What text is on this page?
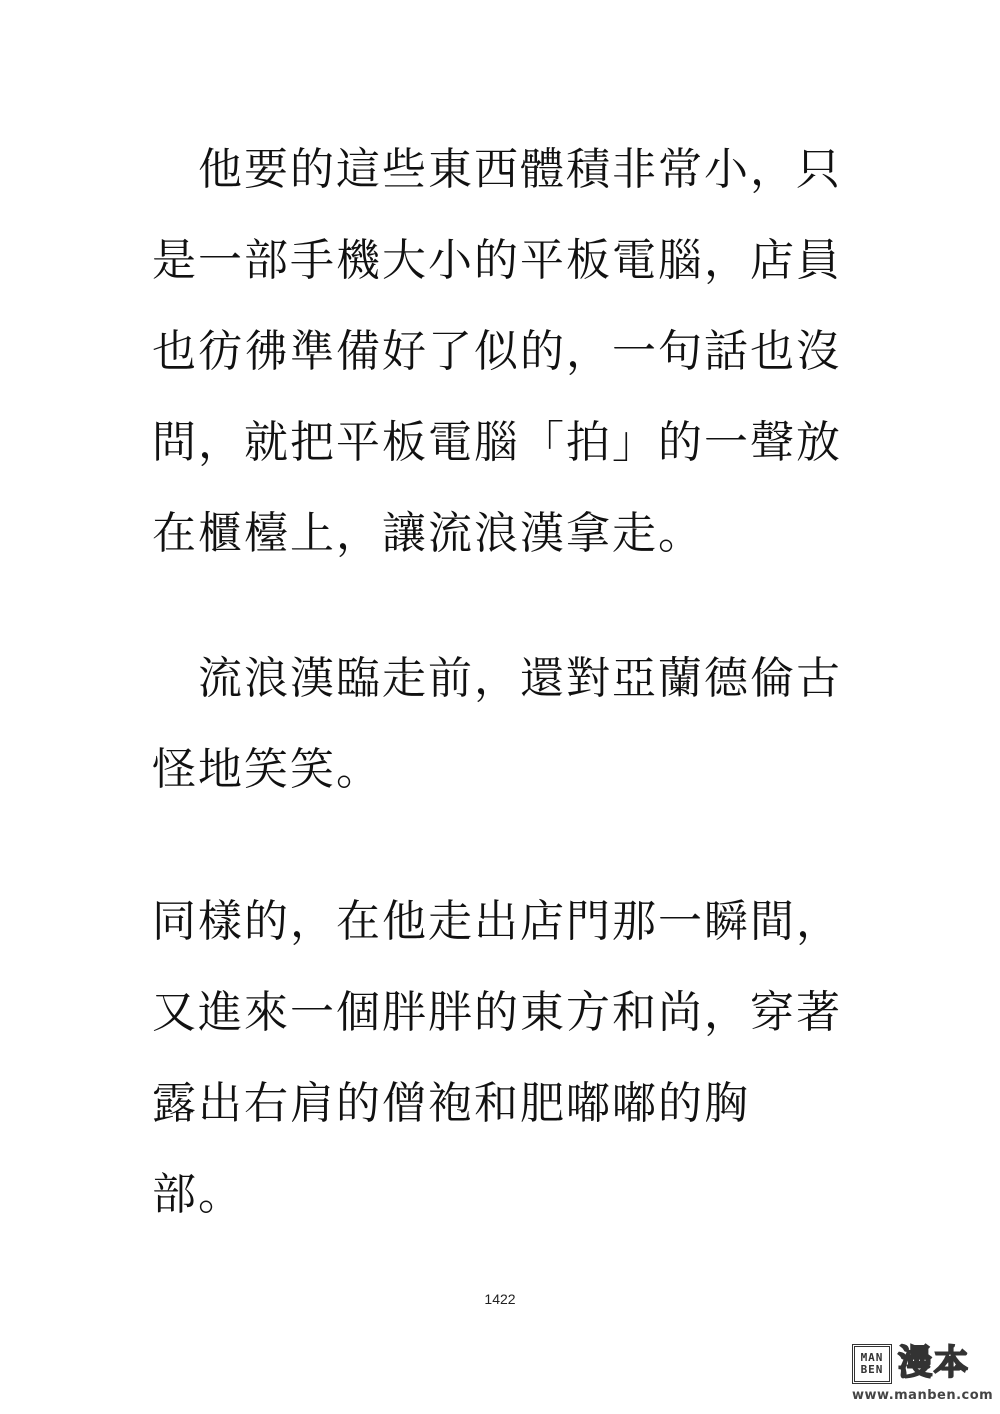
　他要的這些東西體積非常小，只
是一部手機大小的平板電腦，店員
也彷彿準備好了似的，一句話也沒
問，就把平板電腦「拍」的一聲放
在櫃檯上，讓流浪漢拿走。
　流浪漢臨走前，還對亞蘭德倫古
怪地笑笑。
同樣的，在他走出店門那一瞬間，
又進來一個胖胖的東方和尚，穿著
露出右肩的僧袍和肥嘟嘟的胸
部。
1422
MAN
BEN 漫本
www.manben.com
